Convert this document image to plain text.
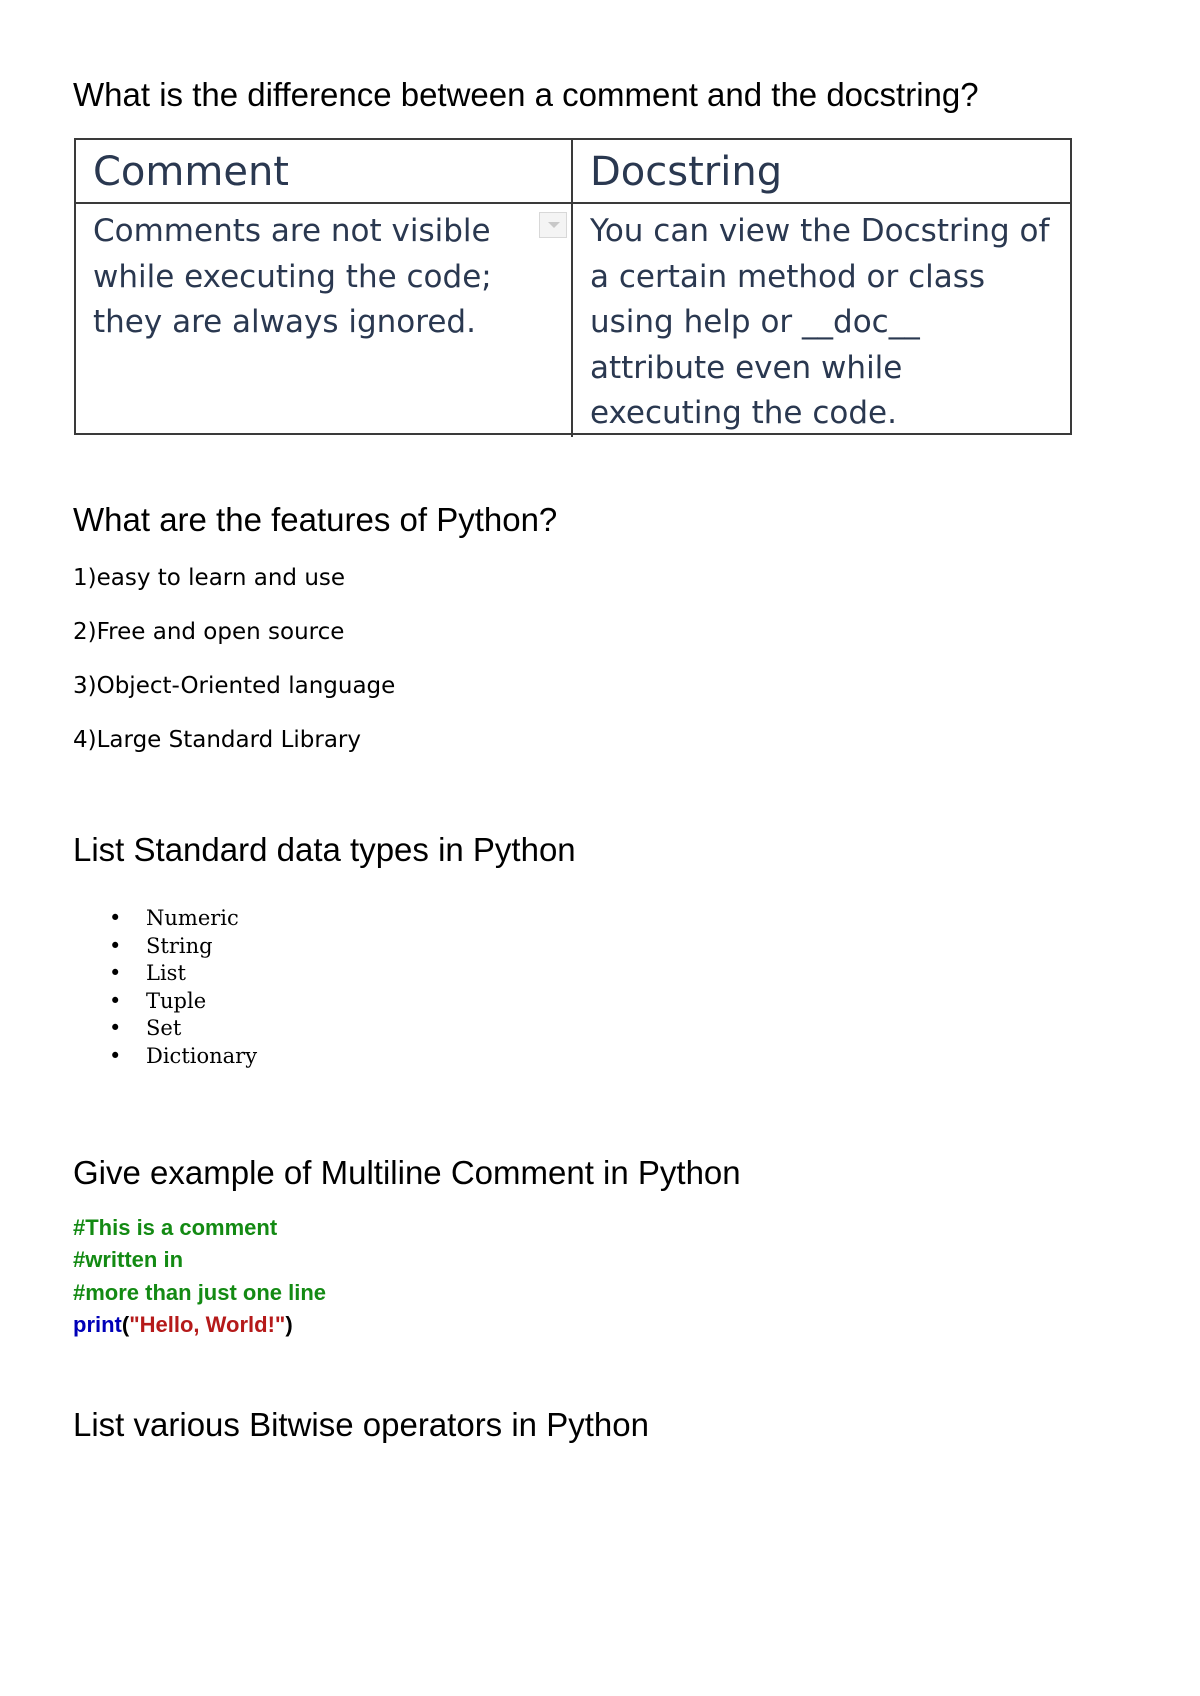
What is the difference between a comment and the docstring?
Comment	Docstring
Comments are not visible
while executing the code;
they are always ignored.
You can view the Docstring of
a certain method or class
using help or __doc__
attribute even while
executing the code.
What are the features of Python?
1)easy to learn and use
2)Free and open source
3)Object-Oriented language
4)Large Standard Library
List Standard data types in Python
• Numeric
• String
• List
• Tuple
• Set
• Dictionary
Give example of Multiline Comment in Python
#This is a comment
#written in
#more than just one line
print("Hello, World!")
List various Bitwise operators in Python
